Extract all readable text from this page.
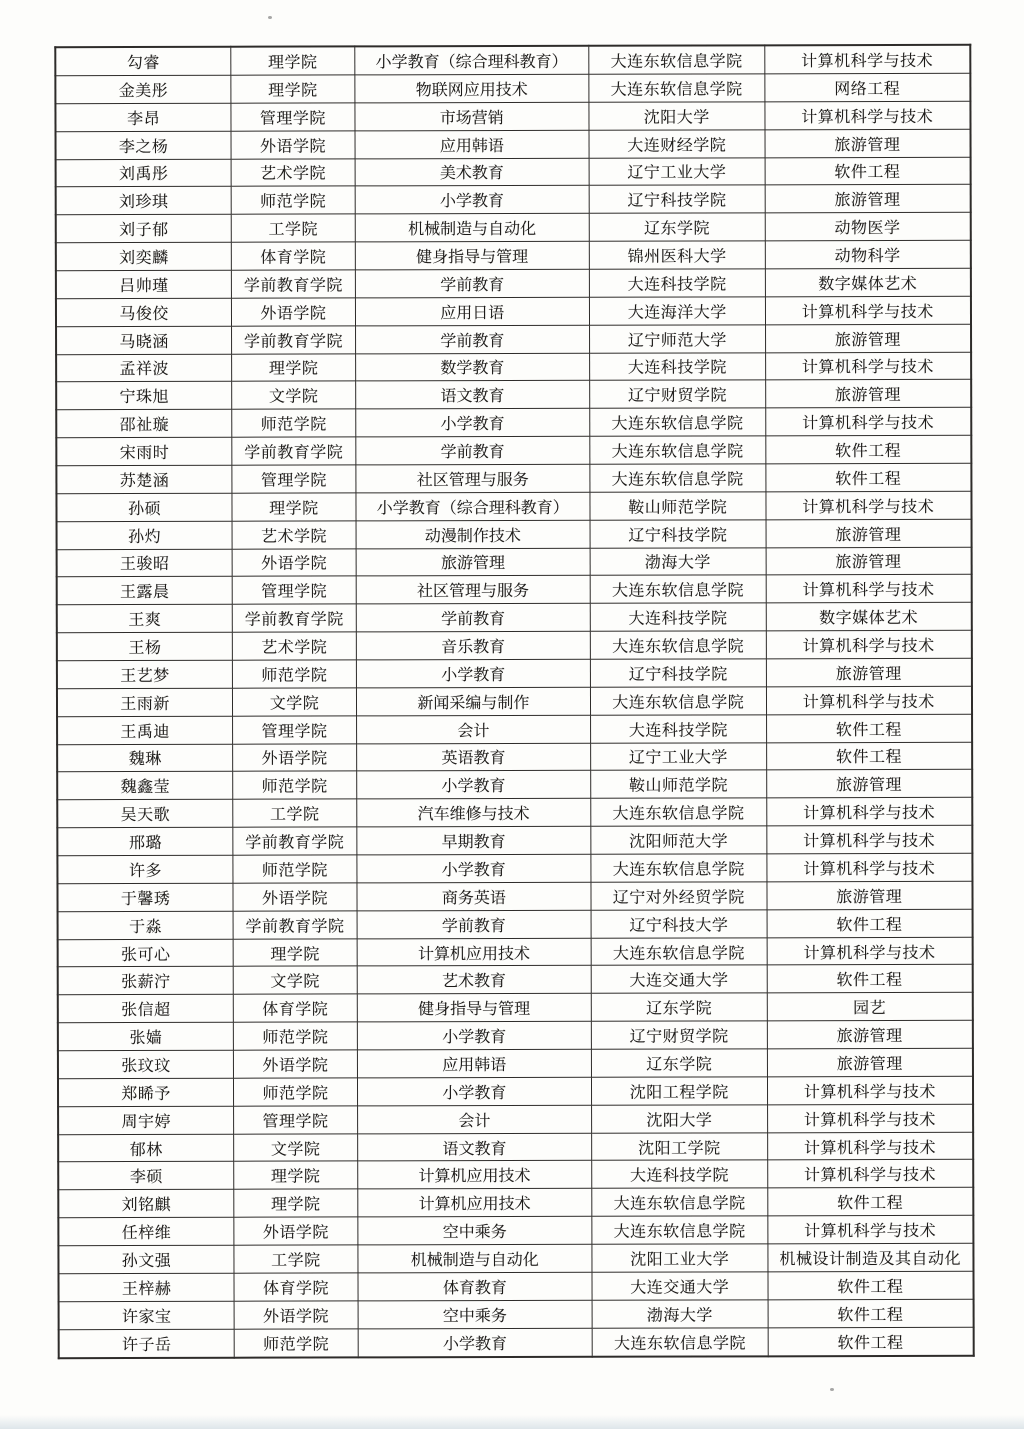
勾睿	理学院	小学教育（综合理科教育）	大连东软信息学院	计算机科学与技术
金美彤	理学院	物联网应用技术	大连东软信息学院	网络工程
李昂	管理学院	市场营销	沈阳大学	计算机科学与技术
李之杨	外语学院	应用韩语	大连财经学院	旅游管理
刘禹彤	艺术学院	美术教育	辽宁工业大学	软件工程
刘珍琪	师范学院	小学教育	辽宁科技学院	旅游管理
刘子郁	工学院	机械制造与自动化	辽东学院	动物医学
刘奕麟	体育学院	健身指导与管理	锦州医科大学	动物科学
吕帅瑾	学前教育学院	学前教育	大连科技学院	数字媒体艺术
马俊佼	外语学院	应用日语	大连海洋大学	计算机科学与技术
马晓涵	学前教育学院	学前教育	辽宁师范大学	旅游管理
孟祥波	理学院	数学教育	大连科技学院	计算机科学与技术
宁珠旭	文学院	语文教育	辽宁财贸学院	旅游管理
邵祉璇	师范学院	小学教育	大连东软信息学院	计算机科学与技术
宋雨时	学前教育学院	学前教育	大连东软信息学院	软件工程
苏楚涵	管理学院	社区管理与服务	大连东软信息学院	软件工程
孙硕	理学院	小学教育（综合理科教育）	鞍山师范学院	计算机科学与技术
孙灼	艺术学院	动漫制作技术	辽宁科技学院	旅游管理
王骏昭	外语学院	旅游管理	渤海大学	旅游管理
王露晨	管理学院	社区管理与服务	大连东软信息学院	计算机科学与技术
王爽	学前教育学院	学前教育	大连科技学院	数字媒体艺术
王杨	艺术学院	音乐教育	大连东软信息学院	计算机科学与技术
王艺梦	师范学院	小学教育	辽宁科技学院	旅游管理
王雨新	文学院	新闻采编与制作	大连东软信息学院	计算机科学与技术
王禹迪	管理学院	会计	大连科技学院	软件工程
魏琳	外语学院	英语教育	辽宁工业大学	软件工程
魏鑫莹	师范学院	小学教育	鞍山师范学院	旅游管理
吴天歌	工学院	汽车维修与技术	大连东软信息学院	计算机科学与技术
邢璐	学前教育学院	早期教育	沈阳师范大学	计算机科学与技术
许多	师范学院	小学教育	大连东软信息学院	计算机科学与技术
于馨琇	外语学院	商务英语	辽宁对外经贸学院	旅游管理
于淼	学前教育学院	学前教育	辽宁科技大学	软件工程
张可心	理学院	计算机应用技术	大连东软信息学院	计算机科学与技术
张薪泞	文学院	艺术教育	大连交通大学	软件工程
张信超	体育学院	健身指导与管理	辽东学院	园艺
张嫱	师范学院	小学教育	辽宁财贸学院	旅游管理
张玟玟	外语学院	应用韩语	辽东学院	旅游管理
郑睎予	师范学院	小学教育	沈阳工程学院	计算机科学与技术
周宇婷	管理学院	会计	沈阳大学	计算机科学与技术
郁林	文学院	语文教育	沈阳工学院	计算机科学与技术
李硕	理学院	计算机应用技术	大连科技学院	计算机科学与技术
刘铭麒	理学院	计算机应用技术	大连东软信息学院	软件工程
任梓维	外语学院	空中乘务	大连东软信息学院	计算机科学与技术
孙文强	工学院	机械制造与自动化	沈阳工业大学	机械设计制造及其自动化
王梓赫	体育学院	体育教育	大连交通大学	软件工程
许家宝	外语学院	空中乘务	渤海大学	软件工程
许子岳	师范学院	小学教育	大连东软信息学院	软件工程
